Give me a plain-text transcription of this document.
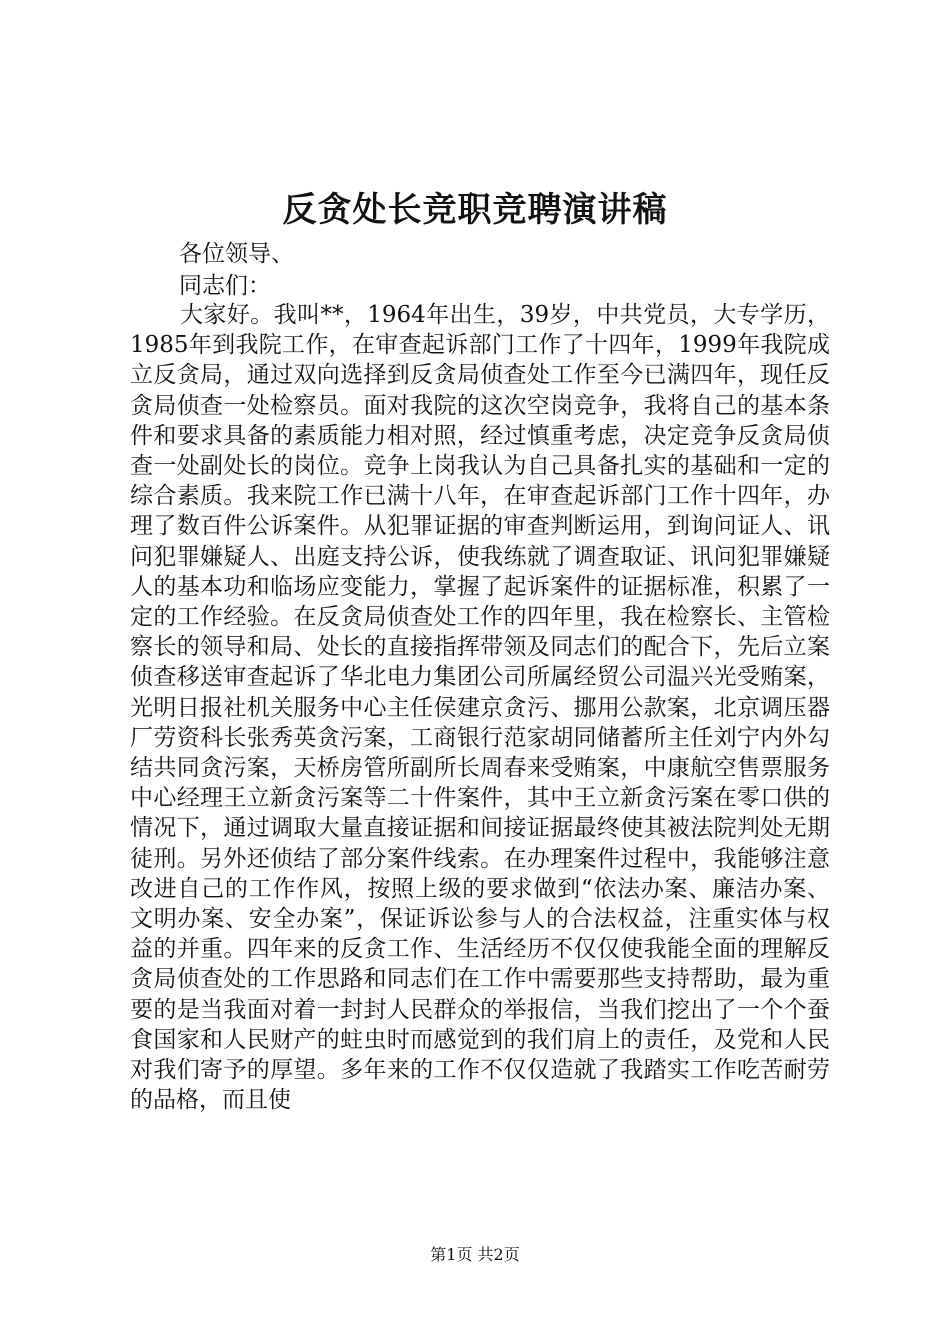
反贪处长竞职竞聘演讲稿
各位领导、
同志们：

大家好。我叫**，1964年出生，39岁，中共党员，大专学历，1985年到我院工作，在审查起诉部门工作了十四年，1999年我院成立反贪局，通过双向选择到反贪局侦查处工作至今已满四年，现任反贪局侦查一处检察员。面对我院的这次空岗竞争，我将自己的基本条件和要求具备的素质能力相对照，经过慎重考虑，决定竞争反贪局侦查一处副处长的岗位。竞争上岗我认为自己具备扎实的基础和一定的综合素质。我来院工作已满十八年，在审查起诉部门工作十四年，办理了数百件公诉案件。从犯罪证据的审查判断运用，到询问证人、讯问犯罪嫌疑人、出庭支持公诉，使我练就了调查取证、讯问犯罪嫌疑人的基本功和临场应变能力，掌握了起诉案件的证据标准，积累了一定的工作经验。在反贪局侦查处工作的四年里，我在检察长、主管检察长的领导和局、处长的直接指挥带领及同志们的配合下，先后立案侦查移送审查起诉了华北电力集团公司所属经贸公司温兴光受贿案，光明日报社机关服务中心主任侯建京贪污、挪用公款案，北京调压器厂劳资科长张秀英贪污案，工商银行范家胡同储蓄所主任刘宁内外勾结共同贪污案，天桥房管所副所长周春来受贿案，中康航空售票服务中心经理王立新贪污案等二十件案件，其中王立新贪污案在零口供的情况下，通过调取大量直接证据和间接证据最终使其被法院判处无期徒刑。另外还侦结了部分案件线索。在办理案件过程中，我能够注意改进自己的工作作风，按照上级的要求做到“依法办案、廉洁办案、文明办案、安全办案”，保证诉讼参与人的合法权益，注重实体与权益的并重。四年来的反贪工作、生活经历不仅仅使我能全面的理解反贪局侦查处的工作思路和同志们在工作中需要那些支持帮助，最为重要的是当我面对着一封封人民群众的举报信，当我们挖出了一个个蚕食国家和人民财产的蛀虫时而感觉到的我们肩上的责任，及党和人民对我们寄予的厚望。多年来的工作不仅仅造就了我踏实工作吃苦耐劳的品格，而且使

第1页 共2页
